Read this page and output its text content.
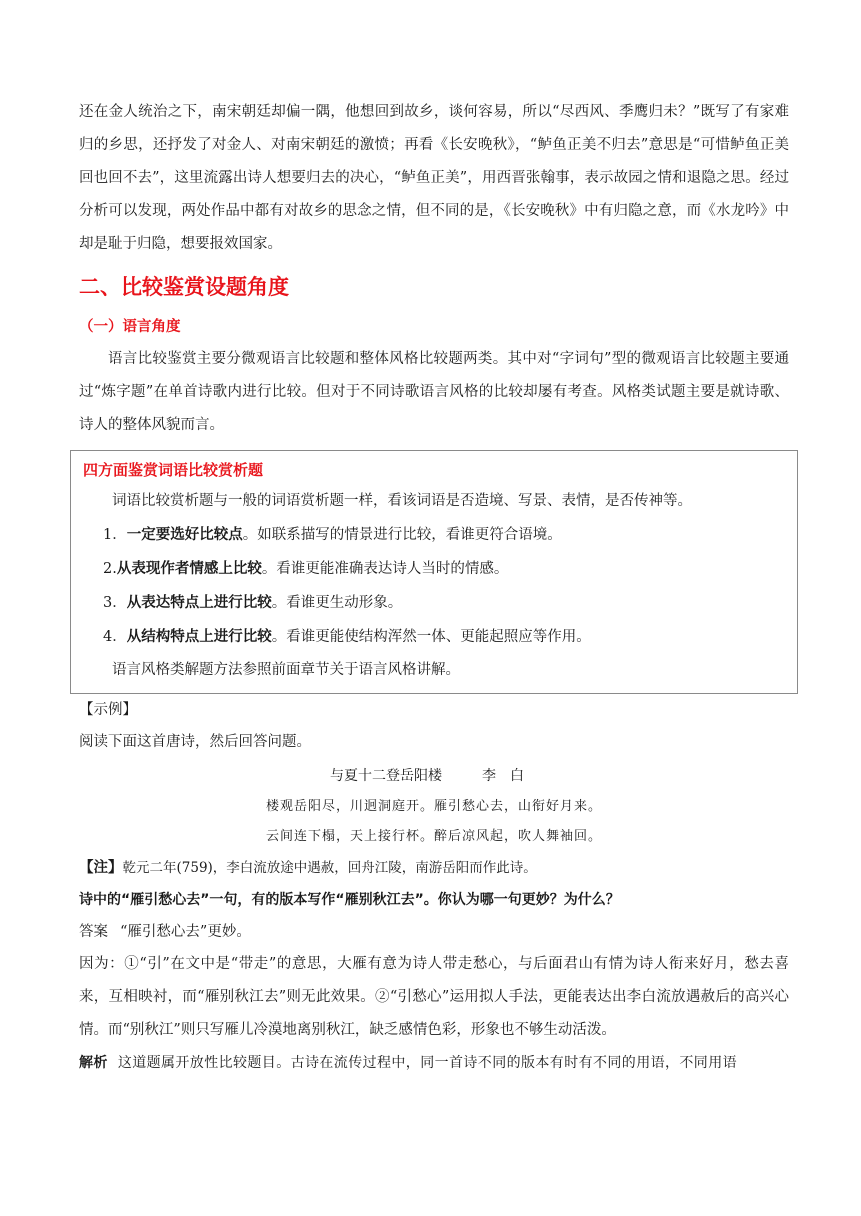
还在金人统治之下，南宋朝廷却偏一隅，他想回到故乡，谈何容易，所以“尽西风、季鹰归未？”既写了有家难归的乡思，还抒发了对金人、对南宋朝廷的激愤；再看《长安晚秋》，“鲈鱼正美不归去”意思是“可惜鲈鱼正美回也回不去”，这里流露出诗人想要归去的决心，“鲈鱼正美”，用西晋张翰事，表示故园之情和退隐之思。经过分析可以发现，两处作品中都有对故乡的思念之情，但不同的是，《长安晚秋》中有归隐之意，而《水龙吟》中却是耻于归隐，想要报效国家。

二、比较鉴赏设题角度
（一）语言角度

语言比较鉴赏主要分微观语言比较题和整体风格比较题两类。其中对“字词句”型的微观语言比较题主要通过“炼字题”在单首诗歌内进行比较。但对于不同诗歌语言风格的比较却屡有考查。风格类试题主要是就诗歌、诗人的整体风貌而言。

四方面鉴赏词语比较赏析题

词语比较赏析题与一般的词语赏析题一样，看该词语是否造境、写景、表情，是否传神等。

1．一定要选好比较点。如联系描写的情景进行比较，看谁更符合语境。
2.从表现作者情感上比较。看谁更能准确表达诗人当时的情感。
3．从表达特点上进行比较。看谁更生动形象。
4．从结构特点上进行比较。看谁更能使结构浑然一体、更能起照应等作用。

语言风格类解题方法参照前面章节关于语言风格讲解。

【示例】

阅读下面这首唐诗，然后回答问题。

与夏十二登岳阳楼	李白
楼观岳阳尽，川迥洞庭开。雁引愁心去，山衔好月来。
云间连下榻，天上接行杯。醉后凉风起，吹人舞袖回。

【注】乾元二年(759)，李白流放途中遇赦，回舟江陵，南游岳阳而作此诗。

诗中的“雁引愁心去”一句，有的版本写作“雁别秋江去”。你认为哪一句更妙？为什么？

答案 “雁引愁心去”更妙。

因为：①“引”在文中是“带走”的意思，大雁有意为诗人带走愁心，与后面君山有情为诗人衔来好月，愁去喜来，互相映衬，而“雁别秋江去”则无此效果。②“引愁心”运用拟人手法，更能表达出李白流放遇赦后的高兴心情。而“别秋江”则只写雁儿冷漠地离别秋江，缺乏感情色彩，形象也不够生动活泼。

解析 这道题属开放性比较题目。古诗在流传过程中，同一首诗不同的版本有时有不同的用语，不同用语
